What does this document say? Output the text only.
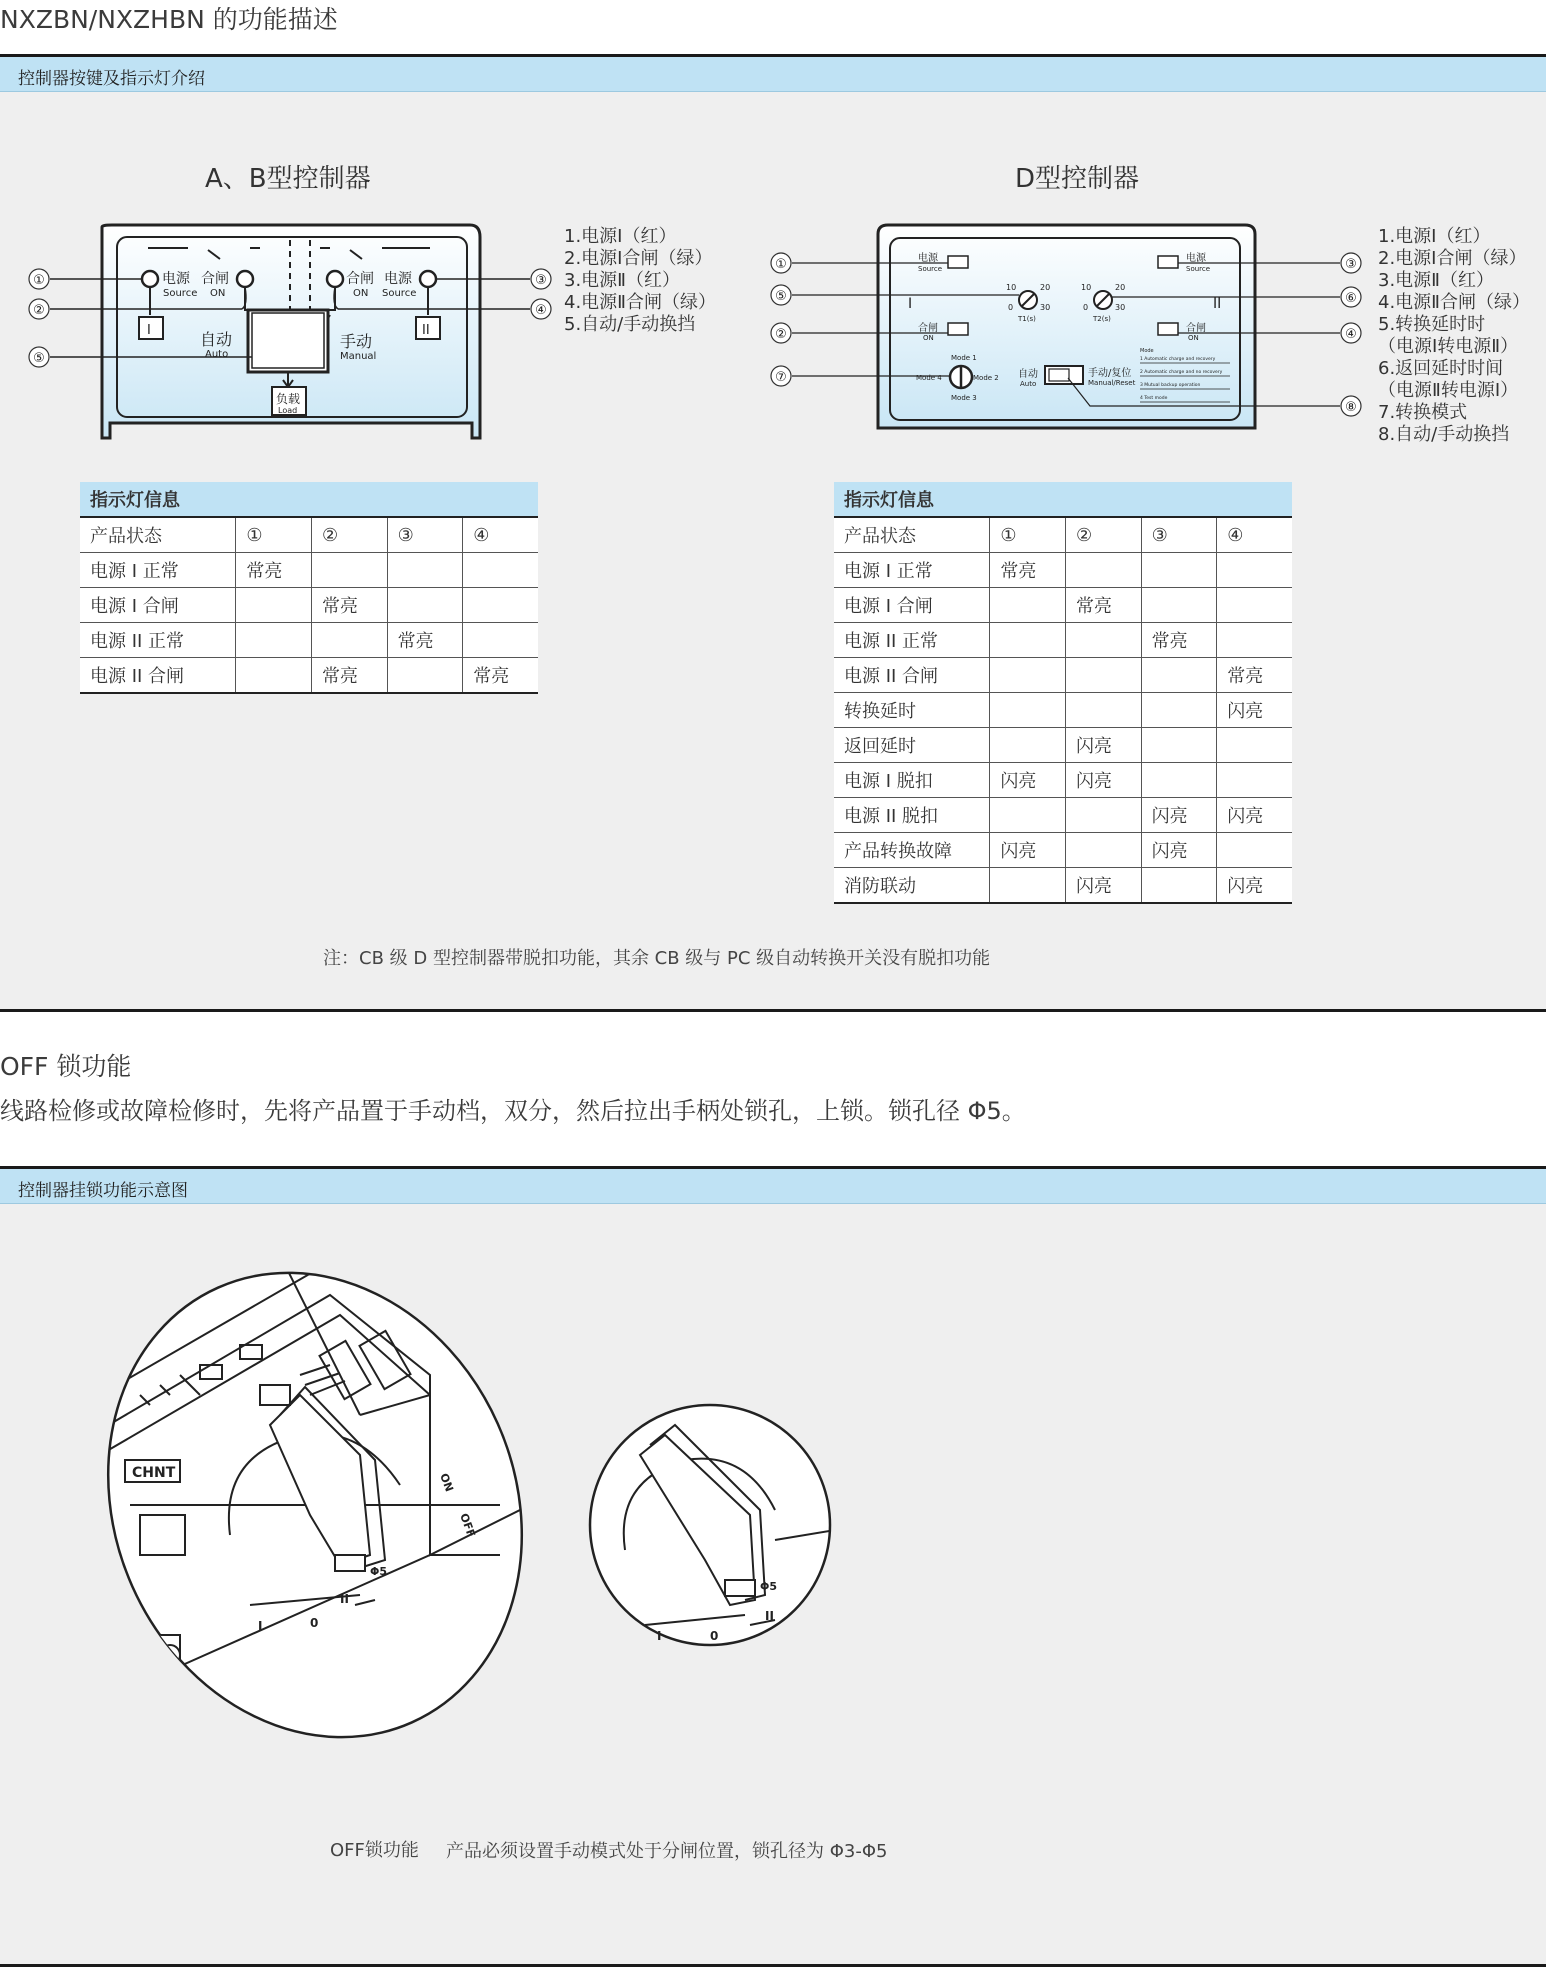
NXZBN/NXZHBN 的功能描述
控制器按键及指示灯介绍
A、B型控制器	D型控制器
电源
Source
合闸
ON
合闸
ON
电源
Source
I	II
自动
Auto
手动
Manual
负载
Load
①
②
③
④
⑤
1.电源Ⅰ（红）
2.电源Ⅰ合闸（绿）
3.电源Ⅱ（红）
4.电源Ⅱ合闸（绿）
5.自动/手动换挡
电源
Source
电源
Source
I	II
10	20
0	30
T1(s)
10	20
0	30
T2(s)
合闸
ON
合闸
ON
Mode 1
Mode 2
Mode 3
Mode 4	自动
Auto
手动/复位
Manual/Reset
Mode
1 Automatic charge and recovery
2 Automatic charge and no recovery
3 Mutual backup operation
4 Test mode
①
⑤
②
⑦
③
⑥
④
⑧
1.电源Ⅰ（红）
2.电源Ⅰ合闸（绿）
3.电源Ⅱ（红）
4.电源Ⅱ合闸（绿）
5.转换延时时
（电源Ⅰ转电源Ⅱ）
6.返回延时时间
（电源Ⅱ转电源Ⅰ）
7.转换模式
8.自动/手动换挡
指示灯信息				
产品状态	①	②	③	④
电源 I 正常	常亮			
电源 I 合闸		常亮		
电源 II 正常			常亮	
电源 II 合闸		常亮		常亮
指示灯信息				
产品状态	①	②	③	④
电源 I 正常	常亮			
电源 I 合闸		常亮		
电源 II 正常			常亮	
电源 II 合闸				常亮
转换延时				闪亮
返回延时		闪亮		
电源 I 脱扣	闪亮	闪亮		
电源 II 脱扣			闪亮	闪亮
产品转换故障	闪亮		闪亮	
消防联动		闪亮		闪亮
注：CB 级 D 型控制器带脱扣功能，其余 CB 级与 PC 级自动转换开关没有脱扣功能
OFF 锁功能
线路检修或故障检修时，先将产品置于手动档，双分，然后拉出手柄处锁孔，上锁。锁孔径 Φ5。
控制器挂锁功能示意图
CHNT
I	0
II
Φ5
ON
OFF
I	0
II
Φ5
OFF锁功能 产品必须设置手动模式处于分闸位置，锁孔径为 Φ3-Φ5
